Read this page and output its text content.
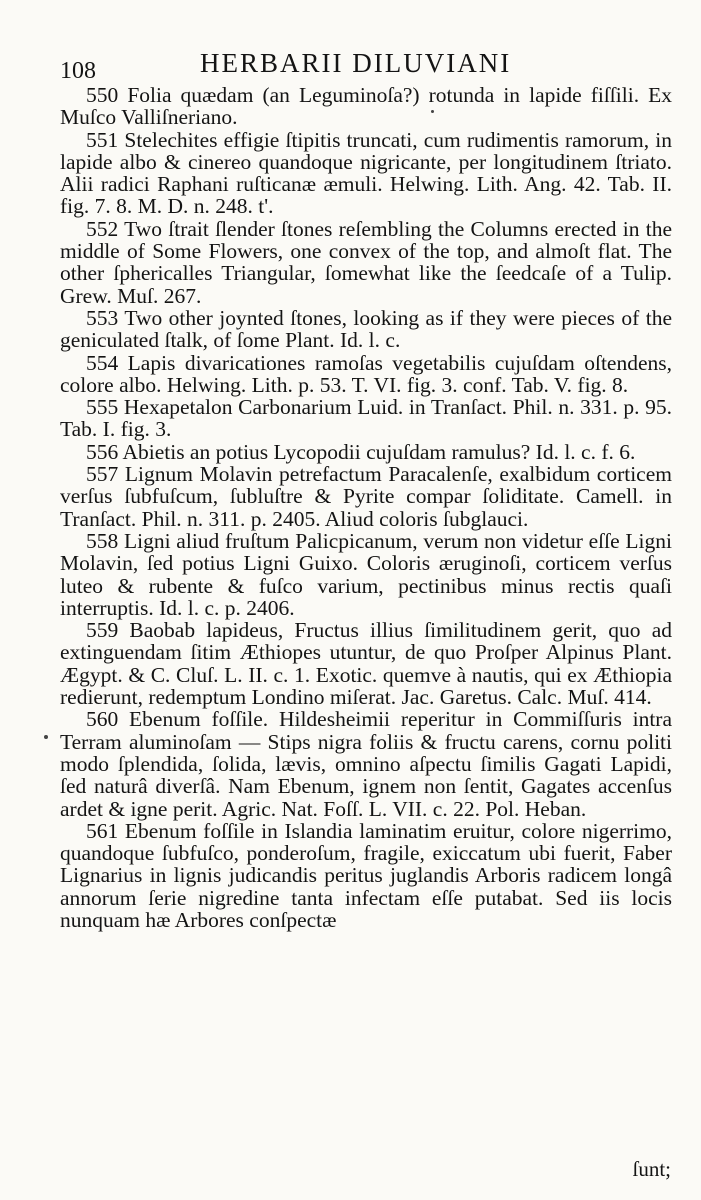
108	HERBARII DILUVIANI

550 Folia quædam (an Leguminoſa?) rotunda in lapide fiſſili. Ex Muſco Valliſneriano.

551 Stelechites effigie ſtipitis truncati, cum rudimentis ramorum, in lapide albo & cinereo quandoque nigricante, per longitudinem ſtriato. Alii radici Raphani ruſticanæ æmuli. Helwing. Lith. Ang. 42. Tab. II. fig. 7. 8. M. D. n. 248. t'.

552 Two ſtrait ſlender ſtones reſembling the Columns erected in the middle of Some Flowers, one convex of the top, and almoſt flat. The other ſphericalles Triangular, ſomewhat like the ſeedcaſe of a Tulip. Grew. Muſ. 267.

553 Two other joynted ſtones, looking as if they were pieces of the geniculated ſtalk, of ſome Plant. Id. l. c.

554 Lapis divaricationes ramoſas vegetabilis cujuſdam oſtendens, colore albo. Helwing. Lith. p. 53. T. VI. fig. 3. conf. Tab. V. fig. 8.

555 Hexapetalon Carbonarium Luid. in Tranſact. Phil. n. 331. p. 95. Tab. I. fig. 3.

556 Abietis an potius Lycopodii cujuſdam ramulus? Id. l. c. f. 6.

557 Lignum Molavin petrefactum Paracalenſe, exalbidum corticem verſus ſubfuſcum, ſubluſtre & Pyrite compar ſoliditate. Camell. in Tranſact. Phil. n. 311. p. 2405. Aliud coloris ſubglauci.

558 Ligni aliud fruſtum Palicpicanum, verum non videtur eſſe Ligni Molavin, ſed potius Ligni Guixo. Coloris æruginoſi, corticem verſus luteo & rubente & fuſco varium, pectinibus minus rectis quaſi interruptis. Id. l. c. p. 2406.

559 Baobab lapideus, Fructus illius ſimilitudinem gerit, quo ad extinguendam ſitim Æthiopes utuntur, de quo Proſper Alpinus Plant. Ægypt. & C. Cluſ. L. II. c. 1. Exotic. quemve à nautis, qui ex Æthiopia redierunt, redemptum Londino miſerat. Jac. Garetus. Calc. Muſ. 414.

560 Ebenum foſſile. Hildesheimii reperitur in Commiſſuris intra Terram aluminoſam — Stips nigra foliis & fructu carens, cornu politi modo ſplendida, ſolida, lævis, omnino aſpectu ſimilis Gagati Lapidi, ſed naturâ diverſâ. Nam Ebenum, ignem non ſentit, Gagates accenſus ardet & igne perit. Agric. Nat. Foſſ. L. VII. c. 22. Pol. Heban.

561 Ebenum foſſile in Islandia laminatim eruitur, colore nigerrimo, quandoque ſubfuſco, ponderoſum, fragile, exiccatum ubi fuerit, Faber Lignarius in lignis judicandis peritus juglandis Arboris radicem longâ annorum ſerie nigredine tanta infectam eſſe putabat. Sed iis locis nunquam hæ Arbores conſpectæ

ſunt;
